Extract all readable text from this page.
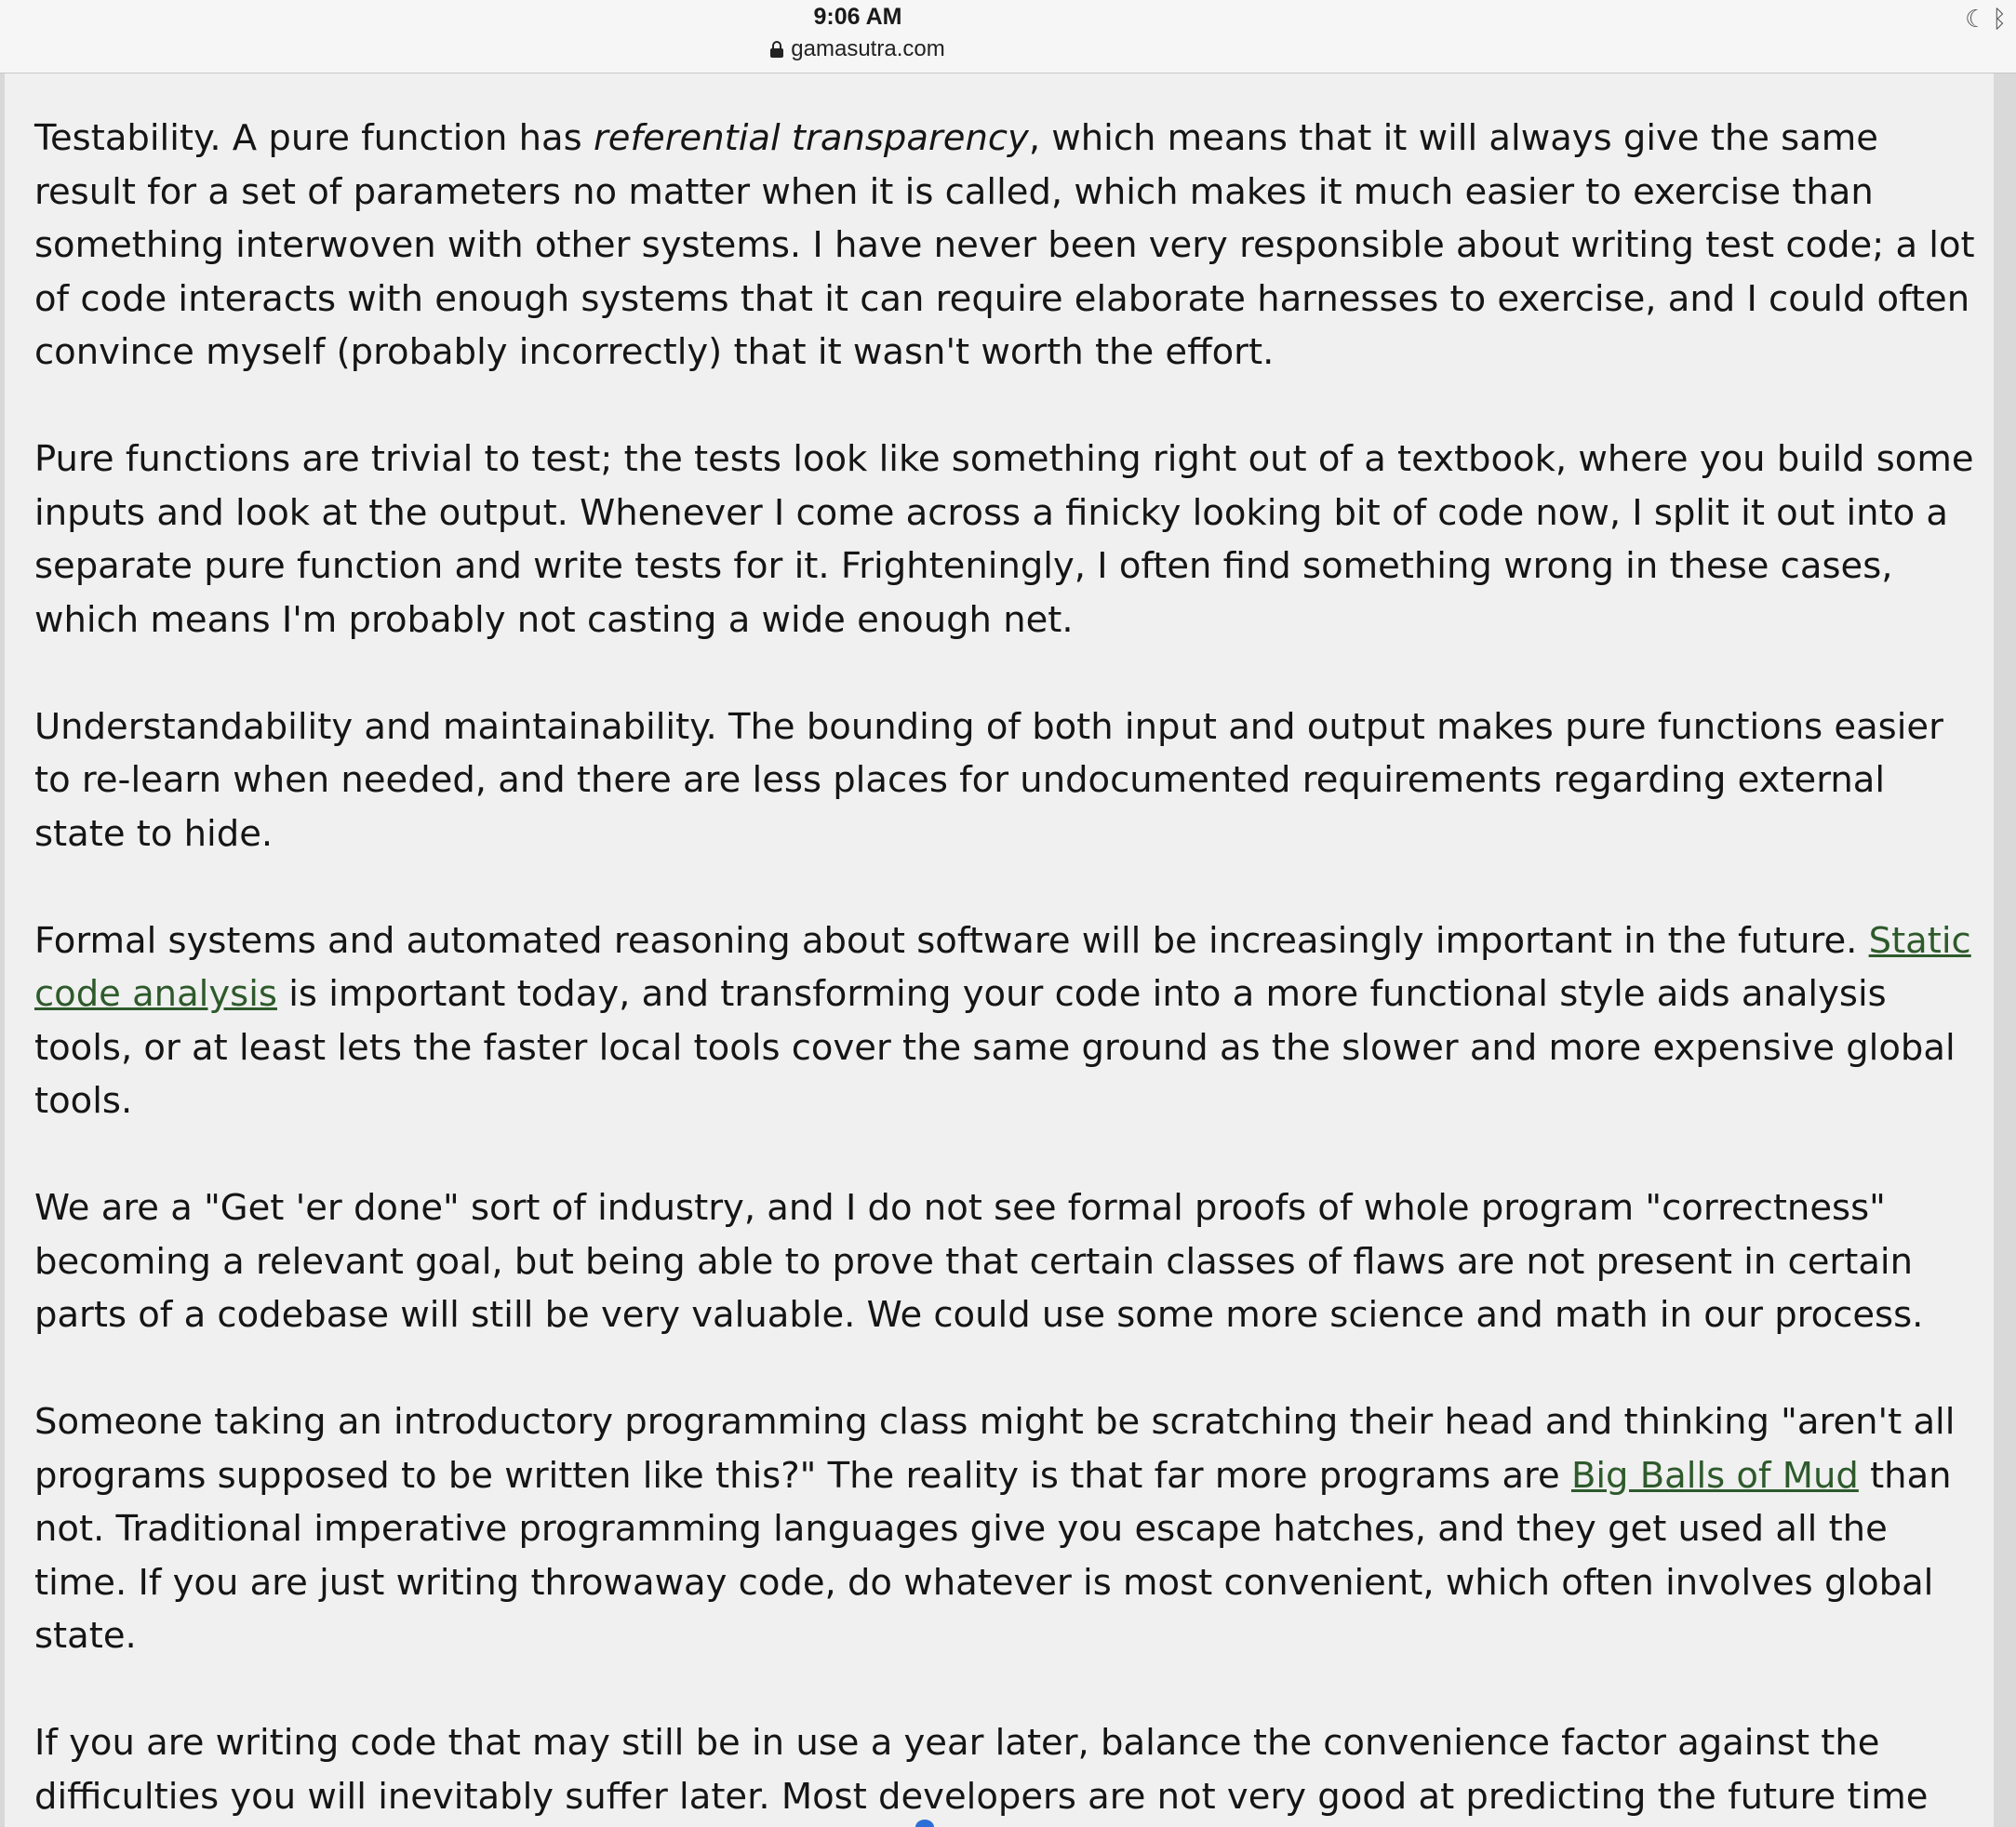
9:06 AM
gamasutra.com
☾ ᛒ

Testability. A pure function has referential transparency, which means that it will always give the same result for a set of parameters no matter when it is called, which makes it much easier to exercise than something interwoven with other systems. I have never been very responsible about writing test code; a lot of code interacts with enough systems that it can require elaborate harnesses to exercise, and I could often convince myself (probably incorrectly) that it wasn't worth the effort.

Pure functions are trivial to test; the tests look like something right out of a textbook, where you build some inputs and look at the output. Whenever I come across a finicky looking bit of code now, I split it out into a separate pure function and write tests for it. Frighteningly, I often find something wrong in these cases, which means I'm probably not casting a wide enough net.

Understandability and maintainability. The bounding of both input and output makes pure functions easier to re-learn when needed, and there are less places for undocumented requirements regarding external state to hide.

Formal systems and automated reasoning about software will be increasingly important in the future. Static code analysis is important today, and transforming your code into a more functional style aids analysis tools, or at least lets the faster local tools cover the same ground as the slower and more expensive global tools.

We are a "Get 'er done" sort of industry, and I do not see formal proofs of whole program "correctness" becoming a relevant goal, but being able to prove that certain classes of flaws are not present in certain parts of a codebase will still be very valuable. We could use some more science and math in our process.

Someone taking an introductory programming class might be scratching their head and thinking "aren't all programs supposed to be written like this?" The reality is that far more programs are Big Balls of Mud than not. Traditional imperative programming languages give you escape hatches, and they get used all the time. If you are just writing throwaway code, do whatever is most convenient, which often involves global state.

If you are writing code that may still be in use a year later, balance the convenience factor against the difficulties you will inevitably suffer later. Most developers are not very good at predicting the future time
